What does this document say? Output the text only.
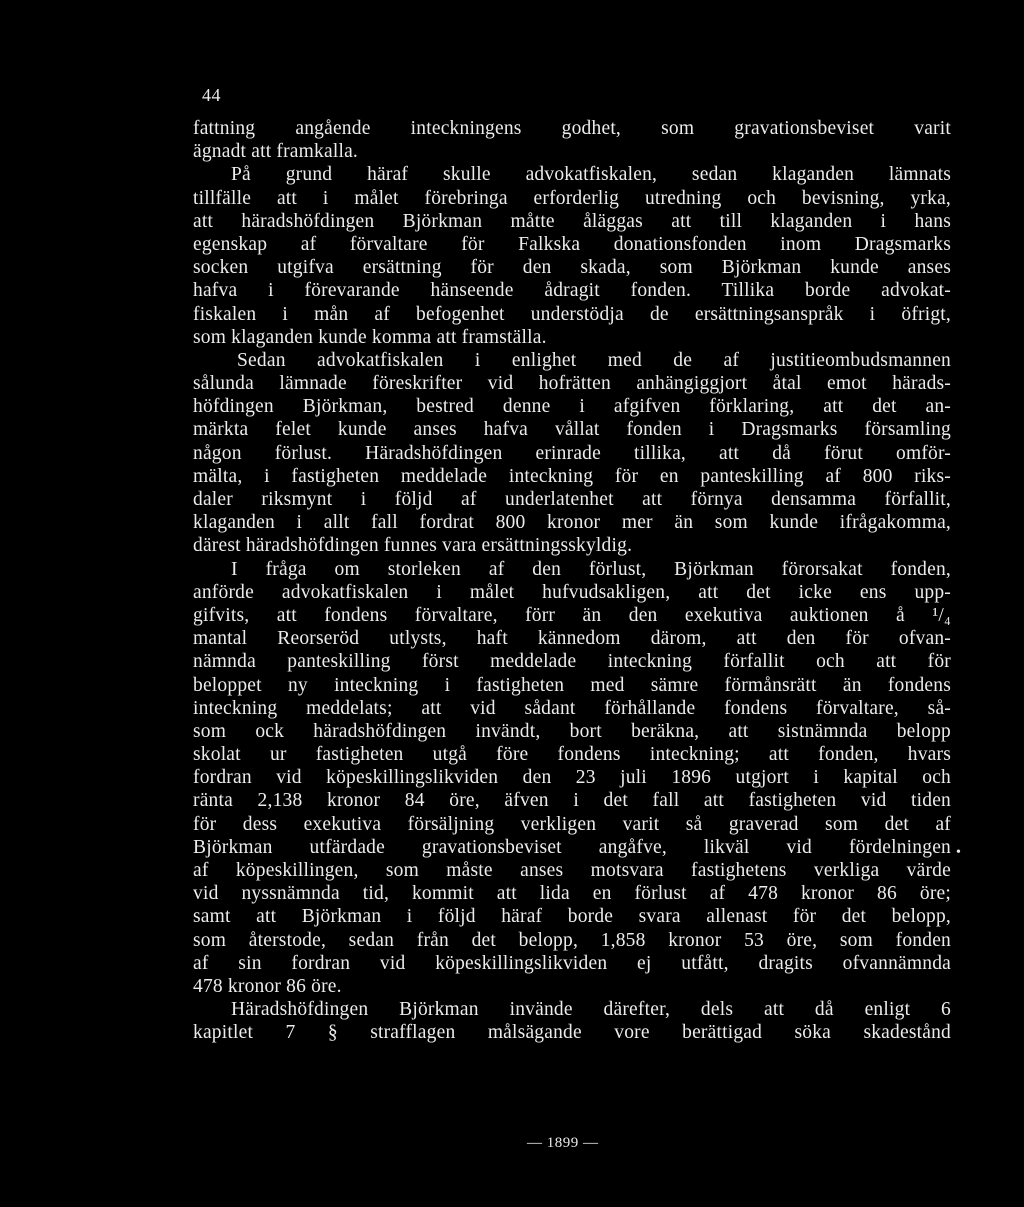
44
fattning angående inteckningens godhet, som gravationsbeviset varit
ägnadt att framkalla.
På grund häraf skulle advokatfiskalen, sedan klaganden lämnats
tillfälle att i målet förebringa erforderlig utredning och bevisning, yrka,
att häradshöfdingen Björkman måtte åläggas att till klaganden i hans
egenskap af förvaltare för Falkska donationsfonden inom Dragsmarks
socken utgifva ersättning för den skada, som Björkman kunde anses
hafva i förevarande hänseende ådragit fonden. Tillika borde advokat-
fiskalen i mån af befogenhet understödja de ersättningsanspråk i öfrigt,
som klaganden kunde komma att framställa.
Sedan advokatfiskalen i enlighet med de af justitieombudsmannen
sålunda lämnade föreskrifter vid hofrätten anhängiggjort åtal emot härads-
höfdingen Björkman, bestred denne i afgifven förklaring, att det an-
märkta felet kunde anses hafva vållat fonden i Dragsmarks församling
någon förlust. Häradshöfdingen erinrade tillika, att då förut omför-
mälta, i fastigheten meddelade inteckning för en panteskilling af 800 riks-
daler riksmynt i följd af underlatenhet att förnya densamma förfallit,
klaganden i allt fall fordrat 800 kronor mer än som kunde ifrågakomma,
därest häradshöfdingen funnes vara ersättningsskyldig.
I fråga om storleken af den förlust, Björkman förorsakat fonden,
anförde advokatfiskalen i målet hufvudsakligen, att det icke ens upp-
gifvits, att fondens förvaltare, förr än den exekutiva auktionen å ¹/₄
mantal Reorseröd utlysts, haft kännedom därom, att den för ofvan-
nämnda panteskilling först meddelade inteckning förfallit och att för
beloppet ny inteckning i fastigheten med sämre förmånsrätt än fondens
inteckning meddelats; att vid sådant förhållande fondens förvaltare, så-
som ock häradshöfdingen invändt, bort beräkna, att sistnämnda belopp
skolat ur fastigheten utgå före fondens inteckning; att fonden, hvars
fordran vid köpeskillingslikviden den 23 juli 1896 utgjort i kapital och
ränta 2,138 kronor 84 öre, äfven i det fall att fastigheten vid tiden
för dess exekutiva försäljning verkligen varit så graverad som det af
Björkman utfärdade gravationsbeviset angåfve, likväl vid fördelningen
af köpeskillingen, som måste anses motsvara fastighetens verkliga värde
vid nyssnämnda tid, kommit att lida en förlust af 478 kronor 86 öre;
samt att Björkman i följd häraf borde svara allenast för det belopp,
som återstode, sedan från det belopp, 1,858 kronor 53 öre, som fonden
af sin fordran vid köpeskillingslikviden ej utfått, dragits ofvannämnda
478 kronor 86 öre.
Häradshöfdingen Björkman invände därefter, dels att då enligt 6
kapitlet 7 § strafflagen målsägande vore berättigad söka skadestånd
•
— 1899 —
